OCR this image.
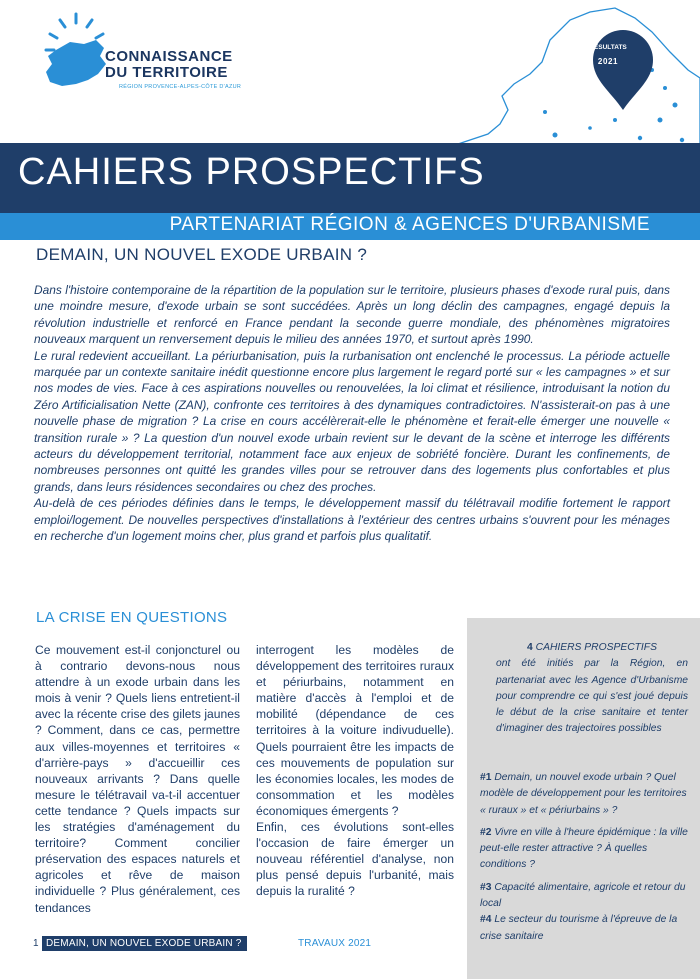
CONNAISSANCE
DU TERRITOIRE
RÉGION PROVENCE-ALPES-CÔTE D'AZUR
RÉSULTATS
2021
CAHIERS PROSPECTIFS
PARTENARIAT RÉGION & AGENCES D'URBANISME
DEMAIN, UN NOUVEL EXODE URBAIN ?

Dans l'histoire contemporaine de la répartition de la population sur le territoire, plusieurs phases d'exode rural puis, dans une moindre mesure, d'exode urbain se sont succédées. Après un long déclin des campagnes, engagé depuis la révolution industrielle et renforcé en France pendant la seconde guerre mondiale, des phénomènes migratoires nouveaux marquent un renversement depuis le milieu des années 1970, et surtout après 1990.

Le rural redevient accueillant. La périurbanisation, puis la rurbanisation ont enclenché le processus. La période actuelle marquée par un contexte sanitaire inédit questionne encore plus largement le regard porté sur « les campagnes » et sur nos modes de vies. Face à ces aspirations nouvelles ou renouvelées, la loi climat et résilience, introduisant la notion du Zéro Artificialisation Nette (ZAN), confronte ces territoires à des dynamiques contradictoires. N'assisterait-on pas à une nouvelle phase de migration ? La crise en cours accélèrerait-elle le phénomène et ferait-elle émerger une nouvelle « transition rurale » ? La question d'un nouvel exode urbain revient sur le devant de la scène et interroge les différents acteurs du développement territorial, notamment face aux enjeux de sobriété foncière. Durant les confinements, de nombreuses personnes ont quitté les grandes villes pour se retrouver dans des logements plus confortables et plus grands, dans leurs résidences secondaires ou chez des proches.

Au-delà de ces périodes définies dans le temps, le développement massif du télétravail modifie fortement le rapport emploi/logement. De nouvelles perspectives d'installations à l'extérieur des centres urbains s'ouvrent pour les ménages en recherche d'un logement moins cher, plus grand et parfois plus qualitatif.

LA CRISE EN QUESTIONS
Ce mouvement est-il conjoncturel ou à contrario devons-nous nous attendre à un exode urbain dans les mois à venir ? Quels liens entretient-il avec la récente crise des gilets jaunes ? Comment, dans ce cas, permettre aux villes-moyennes et territoires « d'arrière-pays » d'accueillir ces nouveaux arrivants ? Dans quelle mesure le télétravail va-t-il accentuer cette tendance ? Quels impacts sur les stratégies d'aménagement du territoire? Comment concilier préservation des espaces naturels et agricoles et rêve de maison individuelle ? Plus généralement, ces tendances
interrogent les modèles de développement des territoires ruraux et périurbains, notamment en matière d'accès à l'emploi et de mobilité (dépendance de ces territoires à la voiture indivuduelle). Quels pourraient être les impacts de ces mouvements de population sur les économies locales, les modes de consommation et les modèles économiques émergents ?
Enfin, ces évolutions sont-elles l'occasion de faire émerger un nouveau référentiel d'analyse, non plus pensé depuis l'urbanité, mais depuis la ruralité ?
4 CAHIERS PROSPECTIFS
ont été initiés par la Région, en partenariat avec les Agence d'Urbanisme pour comprendre ce qui s'est joué depuis le début de la crise sanitaire et tenter d'imaginer des trajectoires possibles
#1 Demain, un nouvel exode urbain ? Quel modèle de développement pour les territoires « ruraux » et « périurbains » ?
#2 Vivre en ville à l'heure épidémique : la ville peut-elle rester attractive ? À quelles conditions ?
#3 Capacité alimentaire, agricole et retour du local
#4 Le secteur du tourisme à l'épreuve de la crise sanitaire
1 DEMAIN, UN NOUVEL EXODE URBAIN ?	TRAVAUX 2021
